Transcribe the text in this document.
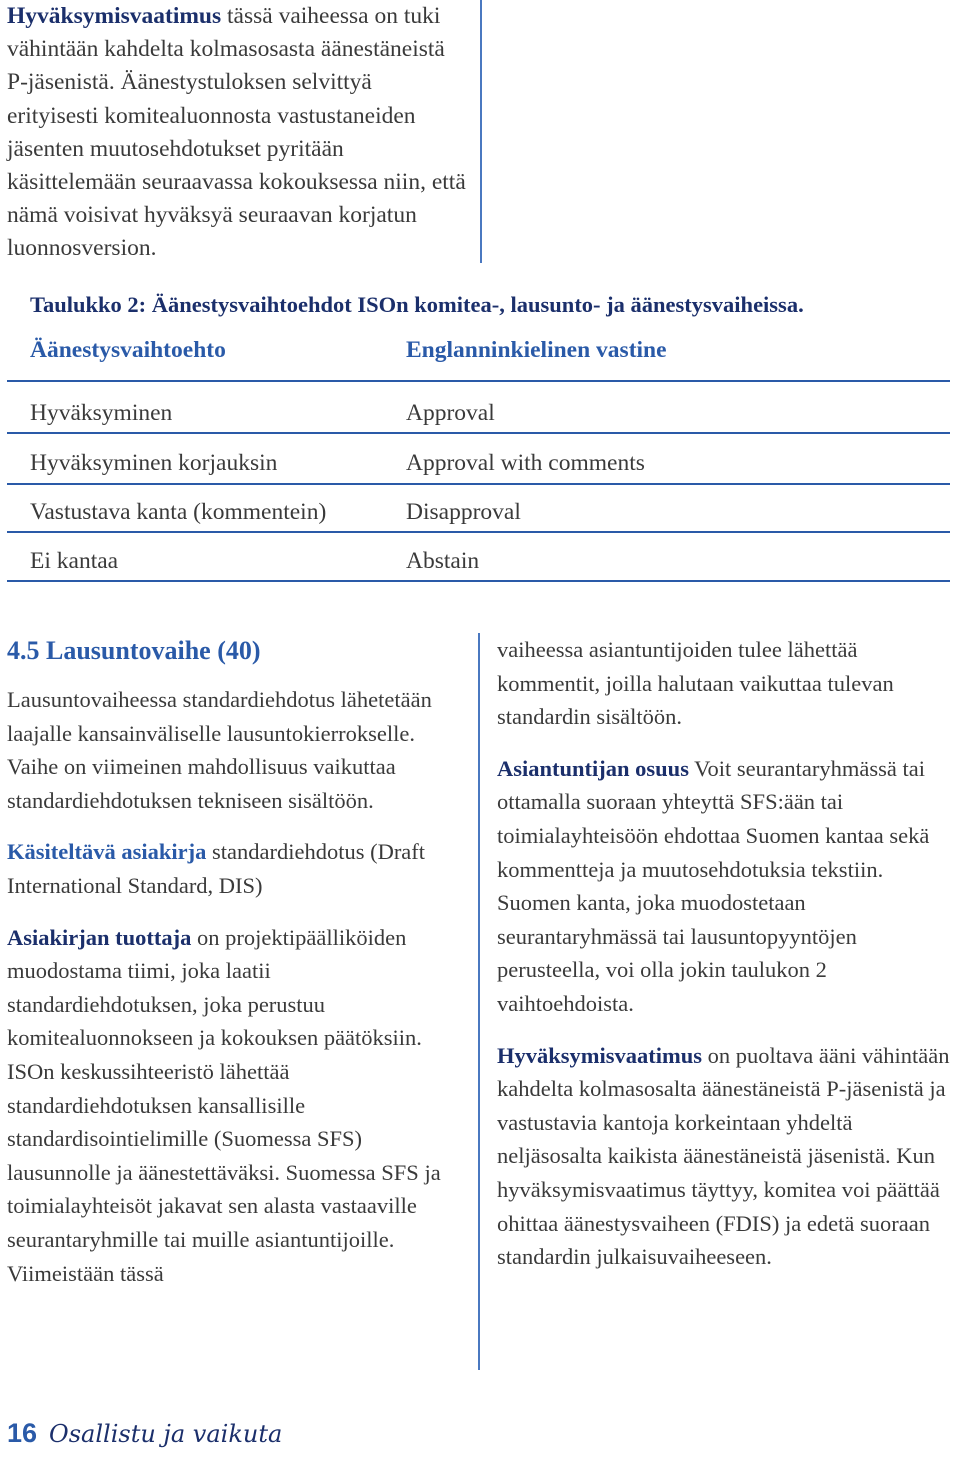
Hyväksymisvaatimus tässä vaiheessa on tuki vähintään kahdelta kolmasosasta äänestäneistä P-jäsenistä. Äänestystuloksen selvittyä erityisesti komitealuonnosta vastustaneiden jäsenten muutosehdotukset pyritään käsittelemään seuraavassa kokouksessa niin, että nämä voisivat hyväksyä seuraavan korjatun luonnosversion.
Taulukko 2: Äänestysvaihtoehdot ISOn komitea-, lausunto- ja äänestysvaiheissa.
Äänestysvaihtoehto	Englanninkielinen vastine
Hyväksyminen	Approval
Hyväksyminen korjauksin	Approval with comments
Vastustava kanta (kommentein)	Disapproval
Ei kantaa	Abstain

4.5 Lausuntovaihe (40)

Lausuntovaiheessa standardiehdotus lähetetään laajalle kansainväliselle lausuntokierrokselle. Vaihe on viimeinen mahdollisuus vaikuttaa standardiehdotuksen tekniseen sisältöön.

Käsiteltävä asiakirja standardiehdotus (Draft International Standard, DIS)

Asiakirjan tuottaja on projektipäälliköiden muodostama tiimi, joka laatii standardiehdotuksen, joka perustuu komitealuonnokseen ja kokouksen päätöksiin. ISOn keskussihteeristö lähettää standardiehdotuksen kansallisille standardisointielimille (Suomessa SFS) lausunnolle ja äänestettäväksi. Suomessa SFS ja toimialayhteisöt jakavat sen alasta vastaaville seurantaryhmille tai muille asiantuntijoille. Viimeistään tässä

vaiheessa asiantuntijoiden tulee lähettää kommentit, joilla halutaan vaikuttaa tulevan standardin sisältöön.

Asiantuntijan osuus Voit seurantaryhmässä tai ottamalla suoraan yhteyttä SFS:ään tai toimialayhteisöön ehdottaa Suomen kantaa sekä kommentteja ja muutosehdotuksia tekstiin. Suomen kanta, joka muodostetaan seurantaryhmässä tai lausuntopyyntöjen perusteella, voi olla jokin taulukon 2 vaihtoehdoista.

Hyväksymisvaatimus on puoltava ääni vähintään kahdelta kolmasosalta äänestäneistä P-jäsenistä ja vastustavia kantoja korkeintaan yhdeltä neljäsosalta kaikista äänestäneistä jäsenistä. Kun hyväksymisvaatimus täyttyy, komitea voi päättää ohittaa äänestysvaiheen (FDIS) ja edetä suoraan standardin julkaisuvaiheeseen.

16 Osallistu ja vaikuta
